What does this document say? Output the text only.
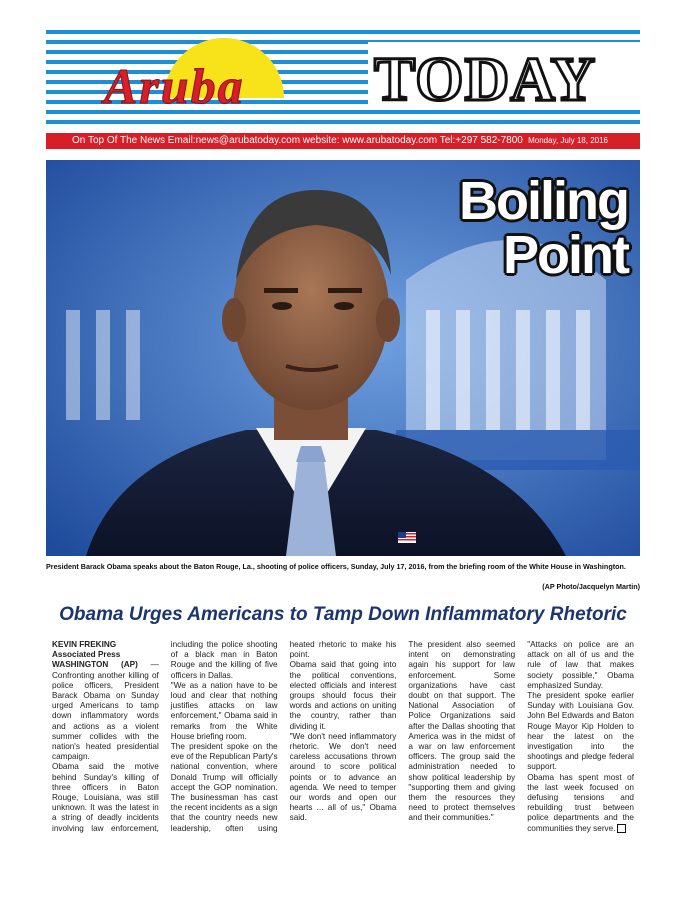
Aruba TODAY
On Top Of The News Email:news@arubatoday.com website: www.arubatoday.com Tel:+297 582-7800 Monday, July 18, 2016
Boiling
Point
President Barack Obama speaks about the Baton Rouge, La., shooting of police officers, Sunday, July 17, 2016, from the briefing room of the White House in Washington.
(AP Photo/Jacquelyn Martin)
Obama Urges Americans to Tamp Down Inflammatory Rhetoric

KEVIN FREKING

Associated Press

WASHINGTON (AP) — Confronting another killing of police officers, President Barack Obama on Sunday urged Americans to tamp down inflammatory words and actions as a violent summer collides with the nation's heated presidential campaign.

Obama said the motive behind Sunday's killing of three officers in Baton Rouge, Louisiana, was still unknown. It was the latest in a string of deadly incidents involving law enforcement, including the police shooting of a black man in Baton Rouge and the killing of five officers in Dallas.

"We as a nation have to be loud and clear that nothing justifies attacks on law enforcement," Obama said in remarks from the White House briefing room.

The president spoke on the eve of the Republican Party's national convention, where Donald Trump will officially accept the GOP nomination. The businessman has cast the recent incidents as a sign that the country needs new leadership, often using heated rhetoric to make his point.

Obama said that going into the political conventions, elected officials and interest groups should focus their words and actions on uniting the country, rather than dividing it.

"We don't need inflammatory rhetoric. We don't need careless accusations thrown around to score political points or to advance an agenda. We need to temper our words and open our hearts ... all of us," Obama said.

The president also seemed intent on demonstrating again his support for law enforcement. Some organizations have cast doubt on that support. The National Association of Police Organizations said after the Dallas shooting that America was in the midst of a war on law enforcement officers. The group said the administration needed to show political leadership by "supporting them and giving them the resources they need to protect themselves and their communities."

"Attacks on police are an attack on all of us and the rule of law that makes society possible," Obama emphasized Sunday.

The president spoke earlier Sunday with Louisiana Gov. John Bel Edwards and Baton Rouge Mayor Kip Holden to hear the latest on the investigation into the shootings and pledge federal support.

Obama has spent most of the last week focused on defusing tensions and rebuilding trust between police departments and the communities they serve.
